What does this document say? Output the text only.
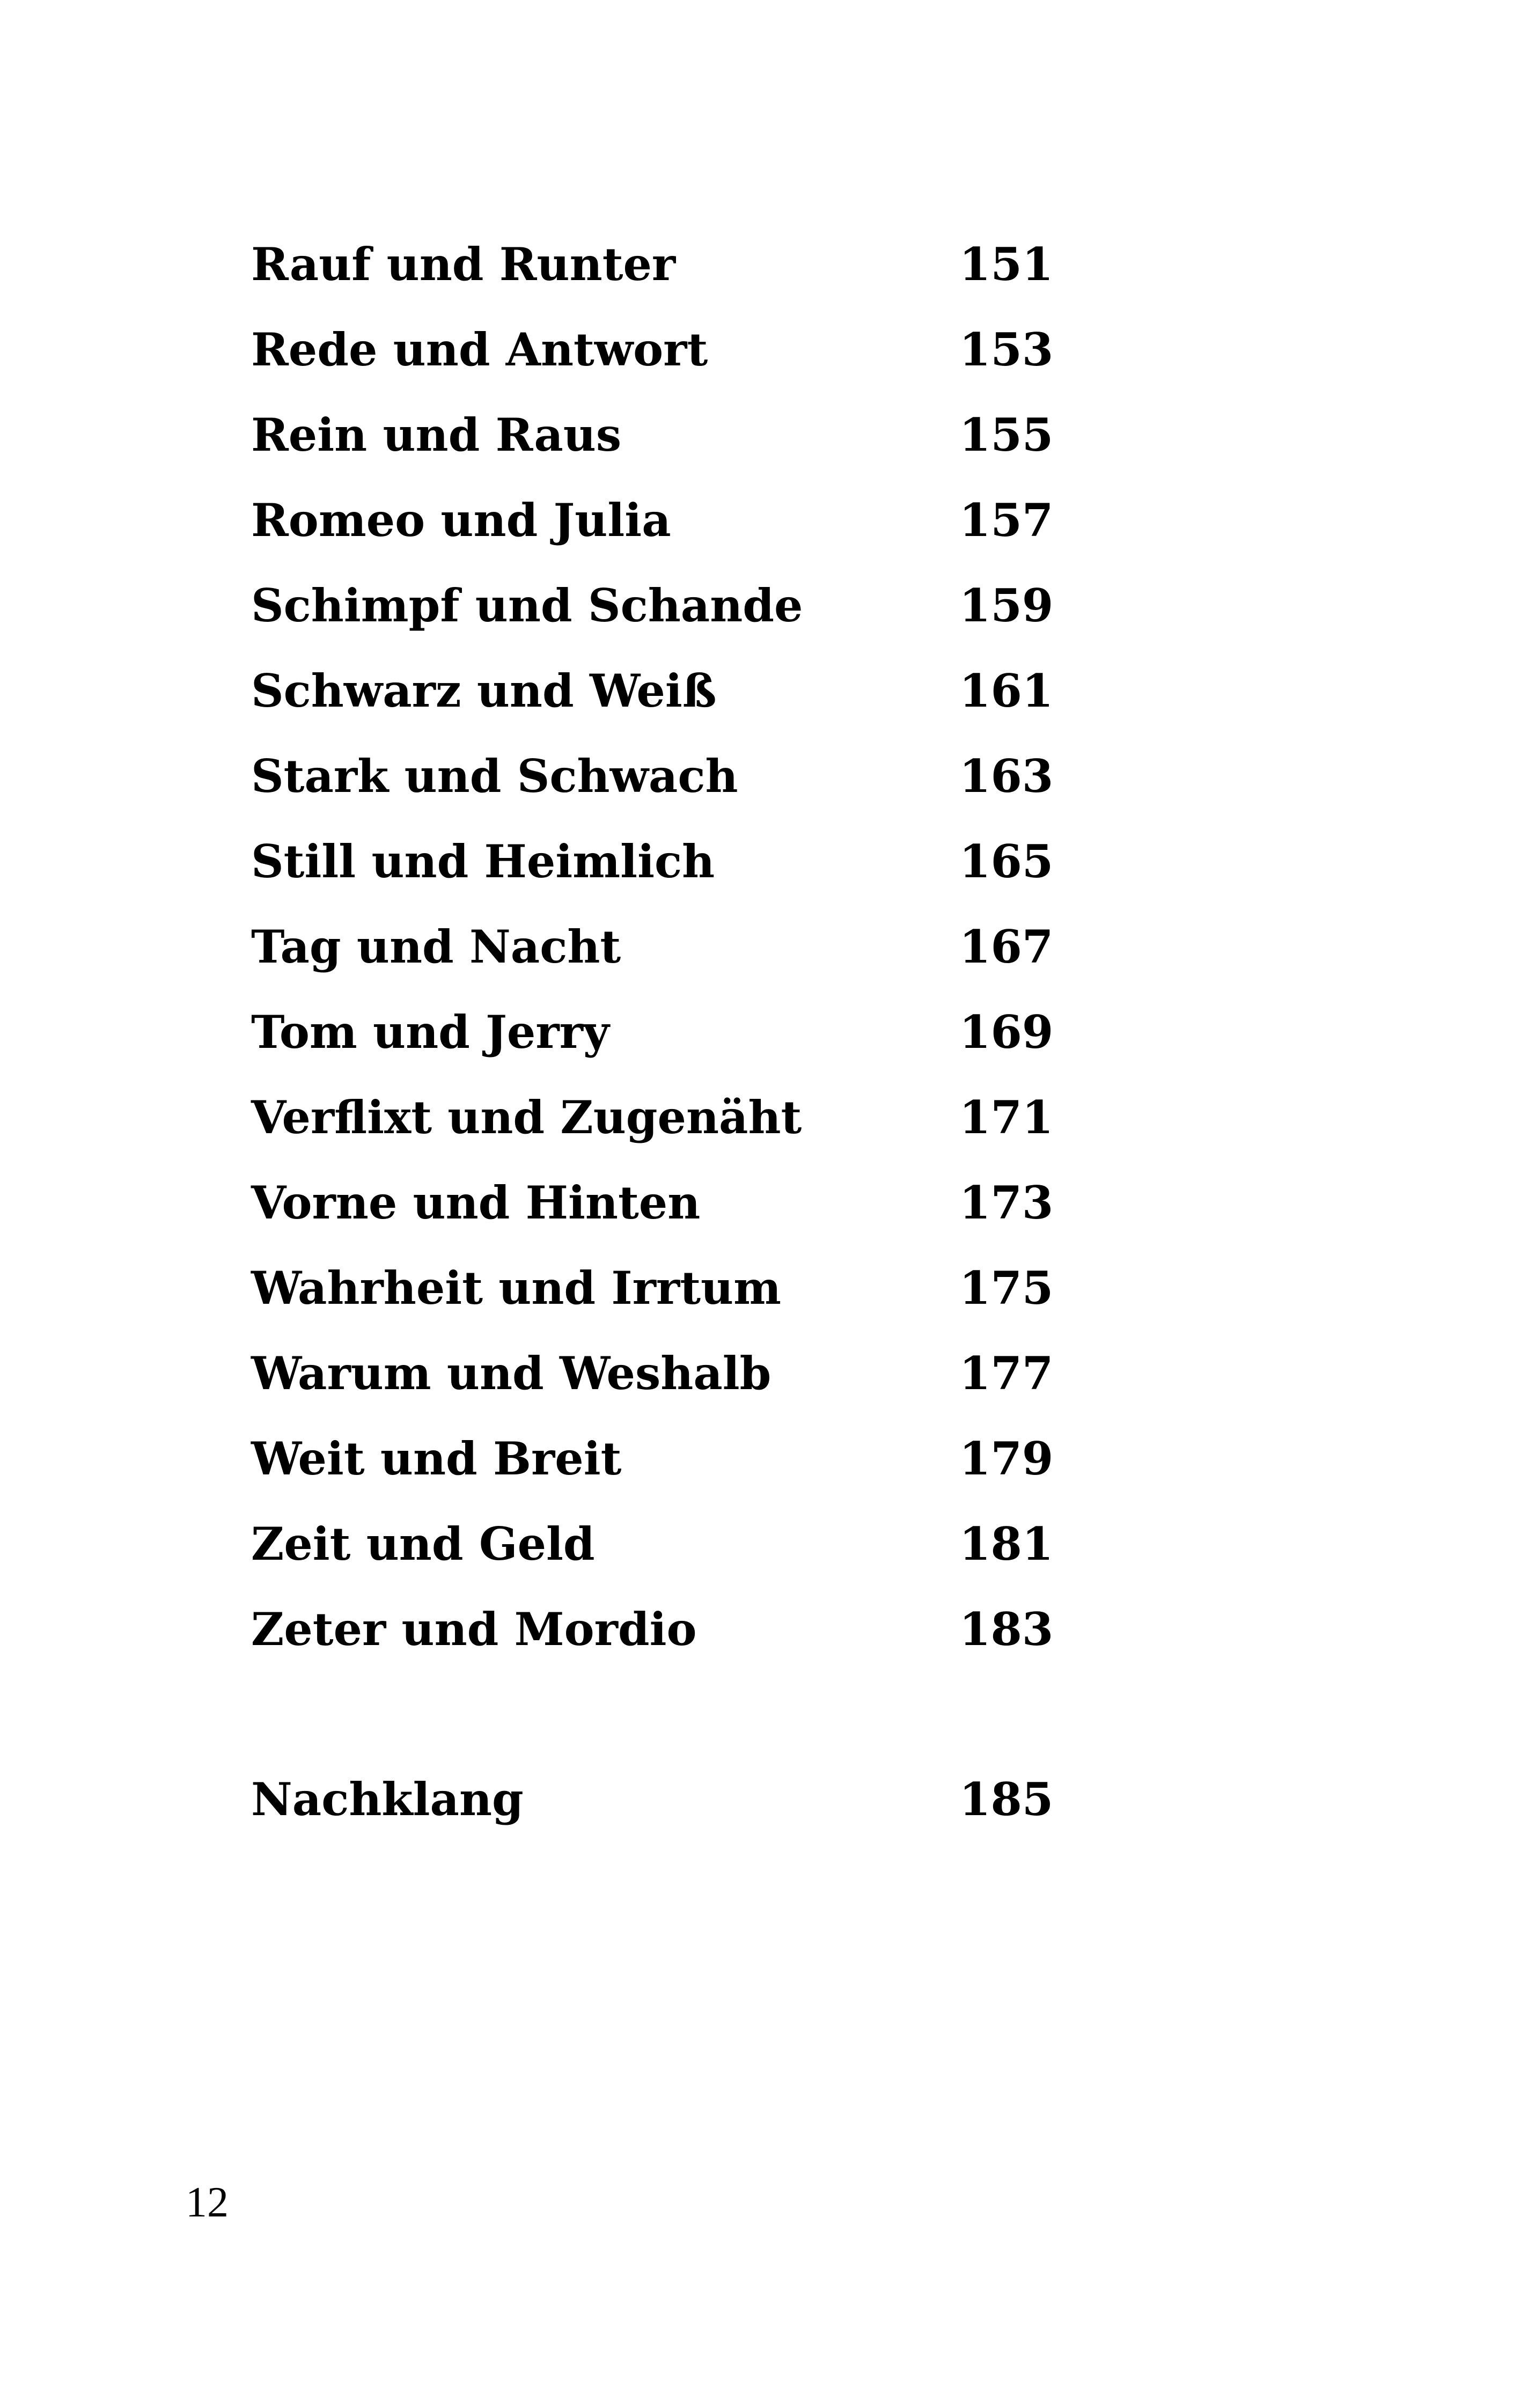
Rauf und Runter	151
Rede und Antwort	153
Rein und Raus	155
Romeo und Julia	157
Schimpf und Schande	159
Schwarz und Weiß	161
Stark und Schwach	163
Still und Heimlich	165
Tag und Nacht	167
Tom und Jerry	169
Verflixt und Zugenäht	171
Vorne und Hinten	173
Wahrheit und Irrtum	175
Warum und Weshalb	177
Weit und Breit	179
Zeit und Geld	181
Zeter und Mordio	183
Nachklang	185
12
